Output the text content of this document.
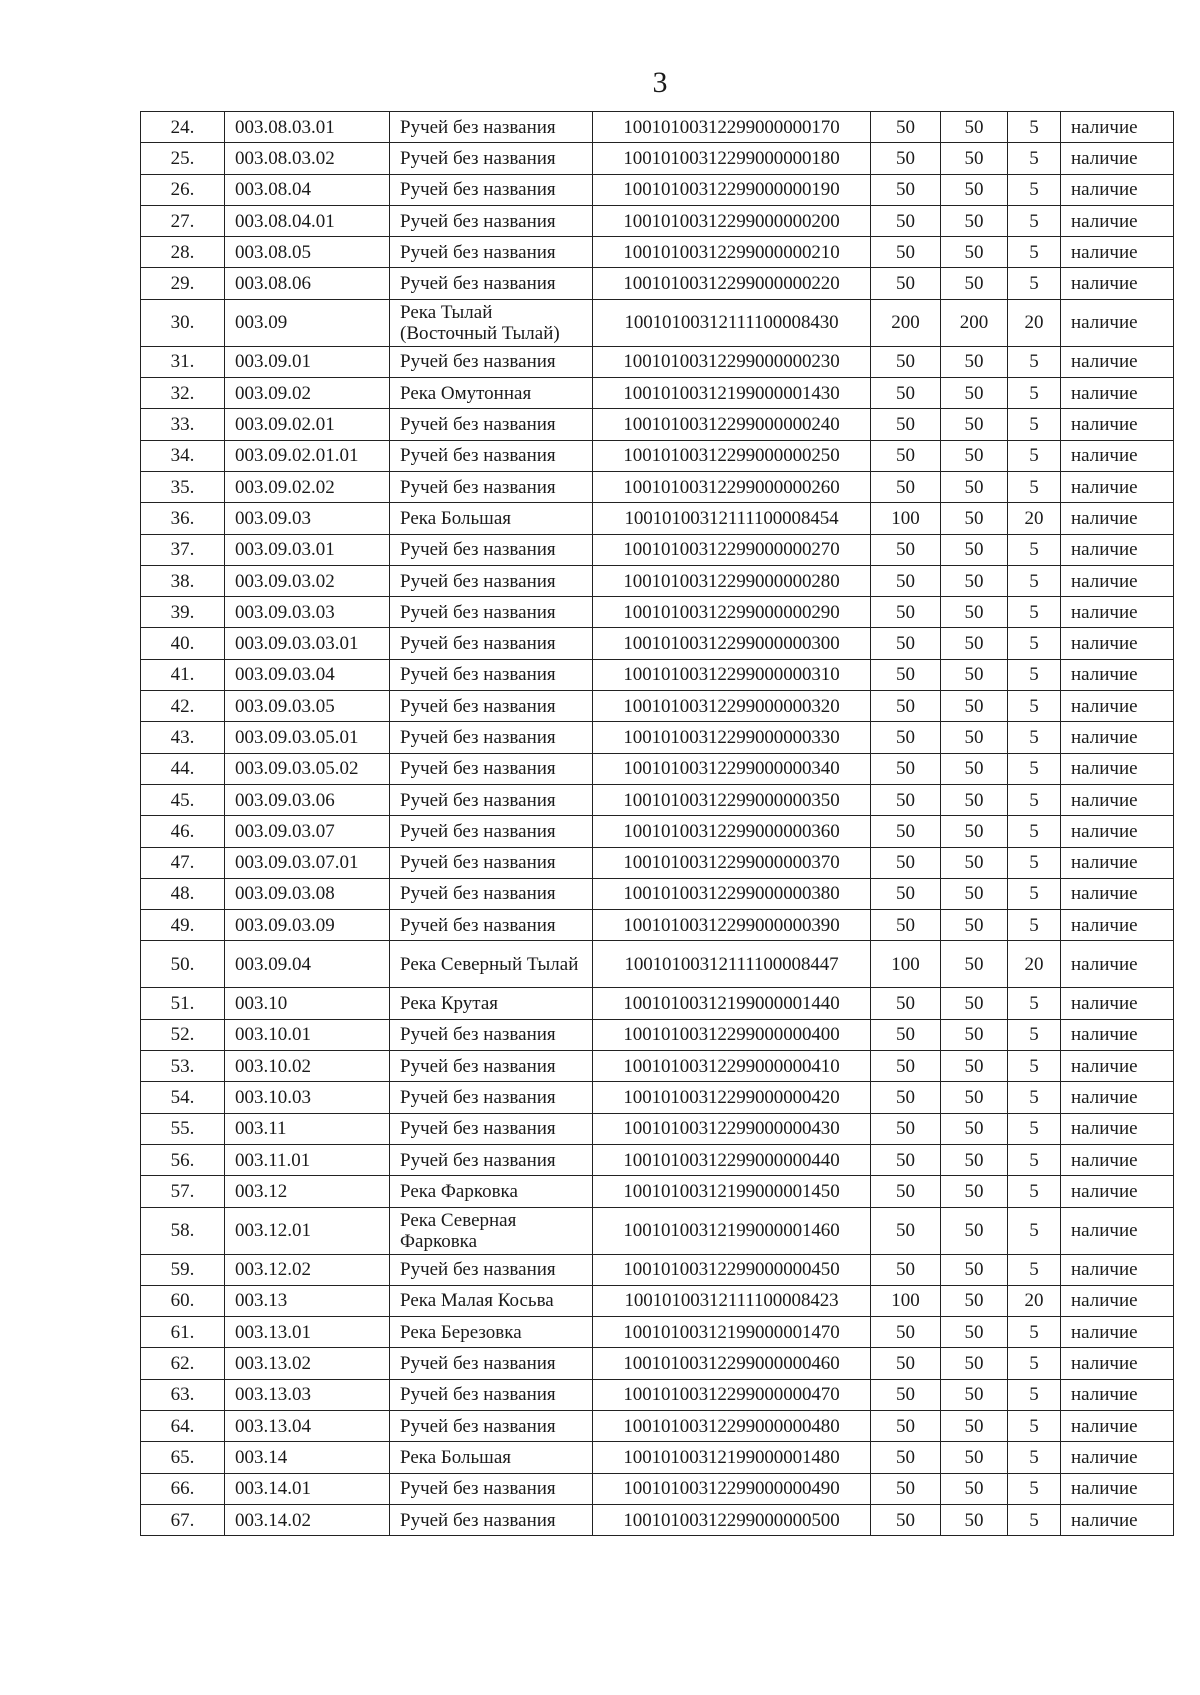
3
24.	003.08.03.01	Ручей без названия	10010100312299000000170	50	50	5	наличие
25.	003.08.03.02	Ручей без названия	10010100312299000000180	50	50	5	наличие
26.	003.08.04	Ручей без названия	10010100312299000000190	50	50	5	наличие
27.	003.08.04.01	Ручей без названия	10010100312299000000200	50	50	5	наличие
28.	003.08.05	Ручей без названия	10010100312299000000210	50	50	5	наличие
29.	003.08.06	Ручей без названия	10010100312299000000220	50	50	5	наличие
30.	003.09	Река Тылай (Восточный Тылай)	10010100312111100008430	200	200	20	наличие
31.	003.09.01	Ручей без названия	10010100312299000000230	50	50	5	наличие
32.	003.09.02	Река Омутонная	10010100312199000001430	50	50	5	наличие
33.	003.09.02.01	Ручей без названия	10010100312299000000240	50	50	5	наличие
34.	003.09.02.01.01	Ручей без названия	10010100312299000000250	50	50	5	наличие
35.	003.09.02.02	Ручей без названия	10010100312299000000260	50	50	5	наличие
36.	003.09.03	Река Большая	10010100312111100008454	100	50	20	наличие
37.	003.09.03.01	Ручей без названия	10010100312299000000270	50	50	5	наличие
38.	003.09.03.02	Ручей без названия	10010100312299000000280	50	50	5	наличие
39.	003.09.03.03	Ручей без названия	10010100312299000000290	50	50	5	наличие
40.	003.09.03.03.01	Ручей без названия	10010100312299000000300	50	50	5	наличие
41.	003.09.03.04	Ручей без названия	10010100312299000000310	50	50	5	наличие
42.	003.09.03.05	Ручей без названия	10010100312299000000320	50	50	5	наличие
43.	003.09.03.05.01	Ручей без названия	10010100312299000000330	50	50	5	наличие
44.	003.09.03.05.02	Ручей без названия	10010100312299000000340	50	50	5	наличие
45.	003.09.03.06	Ручей без названия	10010100312299000000350	50	50	5	наличие
46.	003.09.03.07	Ручей без названия	10010100312299000000360	50	50	5	наличие
47.	003.09.03.07.01	Ручей без названия	10010100312299000000370	50	50	5	наличие
48.	003.09.03.08	Ручей без названия	10010100312299000000380	50	50	5	наличие
49.	003.09.03.09	Ручей без названия	10010100312299000000390	50	50	5	наличие
50.	003.09.04	Река Северный Тылай	10010100312111100008447	100	50	20	наличие
51.	003.10	Река Крутая	10010100312199000001440	50	50	5	наличие
52.	003.10.01	Ручей без названия	10010100312299000000400	50	50	5	наличие
53.	003.10.02	Ручей без названия	10010100312299000000410	50	50	5	наличие
54.	003.10.03	Ручей без названия	10010100312299000000420	50	50	5	наличие
55.	003.11	Ручей без названия	10010100312299000000430	50	50	5	наличие
56.	003.11.01	Ручей без названия	10010100312299000000440	50	50	5	наличие
57.	003.12	Река Фарковка	10010100312199000001450	50	50	5	наличие
58.	003.12.01	Река Северная Фарковка	10010100312199000001460	50	50	5	наличие
59.	003.12.02	Ручей без названия	10010100312299000000450	50	50	5	наличие
60.	003.13	Река Малая Косьва	10010100312111100008423	100	50	20	наличие
61.	003.13.01	Река Березовка	10010100312199000001470	50	50	5	наличие
62.	003.13.02	Ручей без названия	10010100312299000000460	50	50	5	наличие
63.	003.13.03	Ручей без названия	10010100312299000000470	50	50	5	наличие
64.	003.13.04	Ручей без названия	10010100312299000000480	50	50	5	наличие
65.	003.14	Река Большая	10010100312199000001480	50	50	5	наличие
66.	003.14.01	Ручей без названия	10010100312299000000490	50	50	5	наличие
67.	003.14.02	Ручей без названия	10010100312299000000500	50	50	5	наличие
